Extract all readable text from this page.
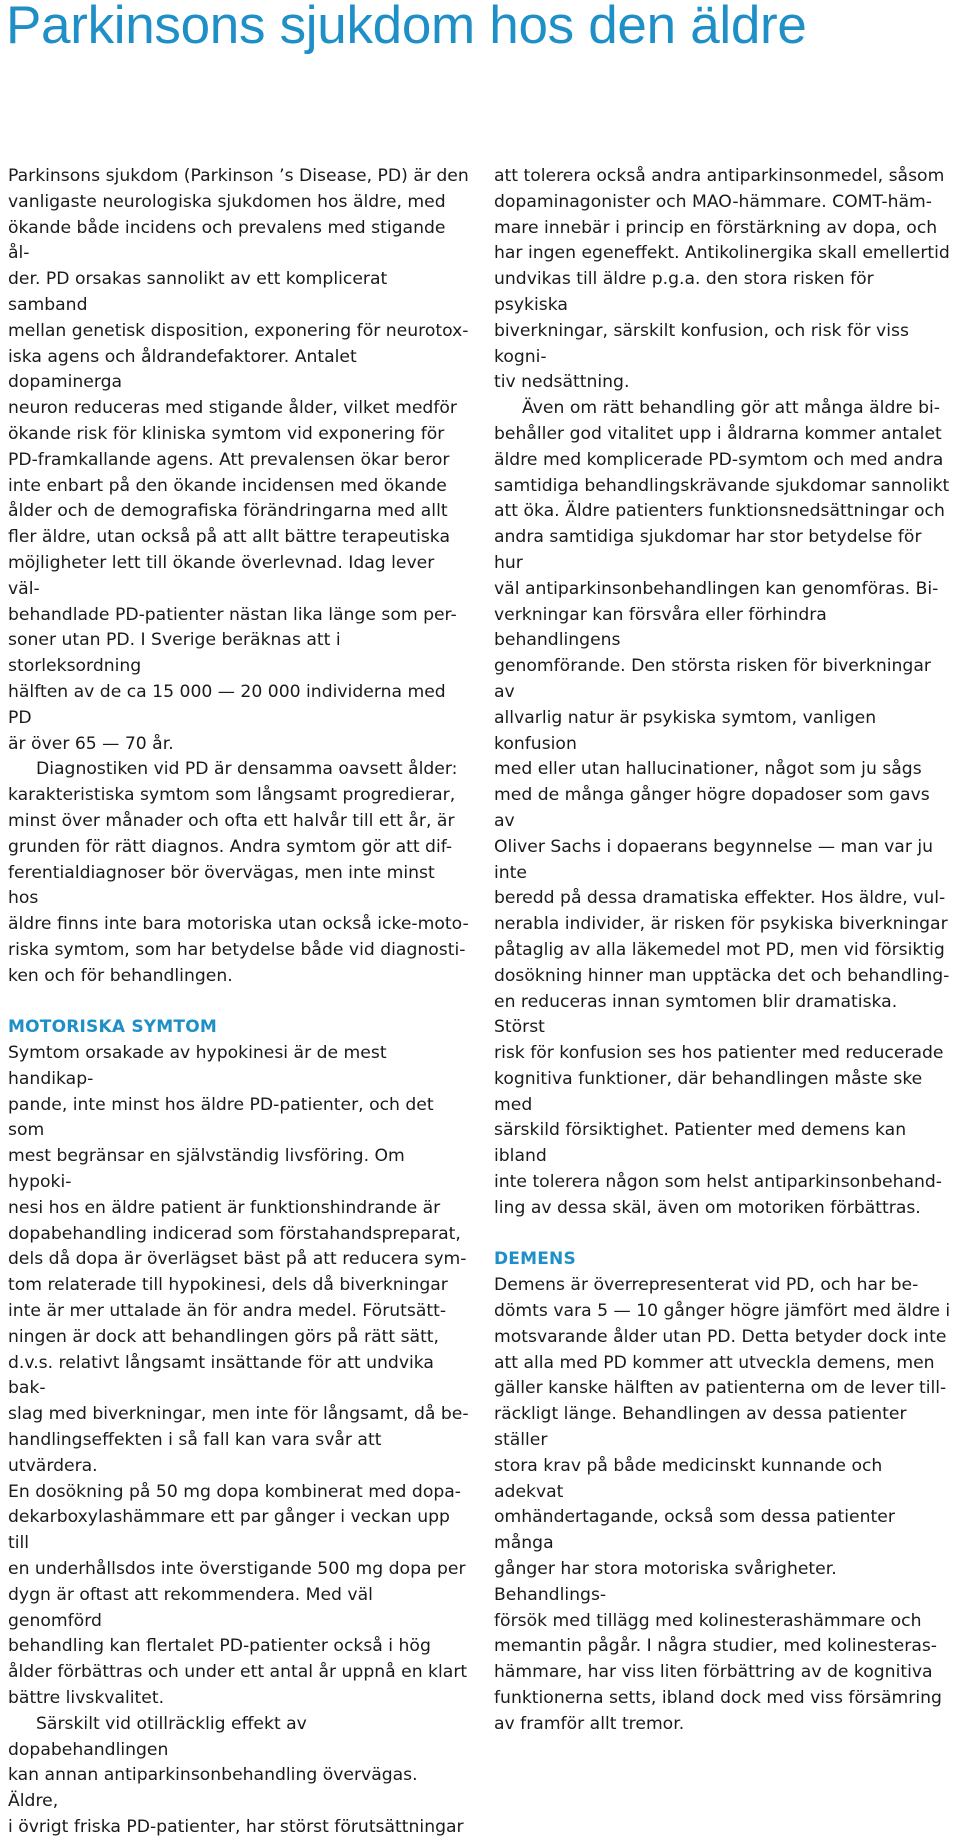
Parkinsons sjukdom hos den äldre

Parkinsons sjukdom (Parkinson ’s Disease, PD) är den
vanligaste neurologiska sjukdomen hos äldre, med
ökande både incidens och prevalens med stigande ål-
der. PD orsakas sannolikt av ett komplicerat samband
mellan genetisk disposition, exponering för neurotox-
iska agens och åldrandefaktorer. Antalet dopaminerga
neuron reduceras med stigande ålder, vilket medför
ökande risk för kliniska symtom vid exponering för
PD-framkallande agens. Att prevalensen ökar beror
inte enbart på den ökande incidensen med ökande
ålder och de demografiska förändringarna med allt
fler äldre, utan också på att allt bättre terapeutiska
möjligheter lett till ökande överlevnad. Idag lever väl-
behandlade PD-patienter nästan lika länge som per-
soner utan PD. I Sverige beräknas att i storleksordning
hälften av de ca 15 000 — 20 000 individerna med PD
är över 65 — 70 år.

Diagnostiken vid PD är densamma oavsett ålder:
karakteristiska symtom som långsamt progredierar,
minst över månader och ofta ett halvår till ett år, är
grunden för rätt diagnos. Andra symtom gör att dif-
ferentialdiagnoser bör övervägas, men inte minst hos
äldre finns inte bara motoriska utan också icke-moto-
riska symtom, som har betydelse både vid diagnosti-
ken och för behandlingen.

MOTORISKA SYMTOM

Symtom orsakade av hypokinesi är de mest handikap-
pande, inte minst hos äldre PD-patienter, och det som
mest begränsar en självständig livsföring. Om hypoki-
nesi hos en äldre patient är funktionshindrande är
dopabehandling indicerad som förstahandspreparat,
dels då dopa är överlägset bäst på att reducera sym-
tom relaterade till hypokinesi, dels då biverkningar
inte är mer uttalade än för andra medel. Förutsätt-
ningen är dock att behandlingen görs på rätt sätt,
d.v.s. relativt långsamt insättande för att undvika bak-
slag med biverkningar, men inte för långsamt, då be-
handlingseffekten i så fall kan vara svår att utvärdera.
En dosökning på 50 mg dopa kombinerat med dopa-
dekarboxylashämmare ett par gånger i veckan upp till
en underhållsdos inte överstigande 500 mg dopa per
dygn är oftast att rekommendera. Med väl genomförd
behandling kan flertalet PD-patienter också i hög
ålder förbättras och under ett antal år uppnå en klart
bättre livskvalitet.

Särskilt vid otillräcklig effekt av dopabehandlingen
kan annan antiparkinsonbehandling övervägas. Äldre,
i övrigt friska PD-patienter, har störst förutsättningar

att tolerera också andra antiparkinsonmedel, såsom
dopaminagonister och MAO-hämmare. COMT-häm-
mare innebär i princip en förstärkning av dopa, och
har ingen egeneffekt. Antikolinergika skall emellertid
undvikas till äldre p.g.a. den stora risken för psykiska
biverkningar, särskilt konfusion, och risk för viss kogni-
tiv nedsättning.

Även om rätt behandling gör att många äldre bi-
behåller god vitalitet upp i åldrarna kommer antalet
äldre med komplicerade PD-symtom och med andra
samtidiga behandlingskrävande sjukdomar sannolikt
att öka. Äldre patienters funktionsnedsättningar och
andra samtidiga sjukdomar har stor betydelse för hur
väl antiparkinsonbehandlingen kan genomföras. Bi-
verkningar kan försvåra eller förhindra behandlingens
genomförande. Den största risken för biverkningar av
allvarlig natur är psykiska symtom, vanligen konfusion
med eller utan hallucinationer, något som ju sågs
med de många gånger högre dopadoser som gavs av
Oliver Sachs i dopaerans begynnelse — man var ju inte
beredd på dessa dramatiska effekter. Hos äldre, vul-
nerabla individer, är risken för psykiska biverkningar
påtaglig av alla läkemedel mot PD, men vid försiktig
dosökning hinner man upptäcka det och behandling-
en reduceras innan symtomen blir dramatiska. Störst
risk för konfusion ses hos patienter med reducerade
kognitiva funktioner, där behandlingen måste ske med
särskild försiktighet. Patienter med demens kan ibland
inte tolerera någon som helst antiparkinsonbehand-
ling av dessa skäl, även om motoriken förbättras.

DEMENS

Demens är överrepresenterat vid PD, och har be-
dömts vara 5 — 10 gånger högre jämfört med äldre i
motsvarande ålder utan PD. Detta betyder dock inte
att alla med PD kommer att utveckla demens, men
gäller kanske hälften av patienterna om de lever till-
räckligt länge. Behandlingen av dessa patienter ställer
stora krav på både medicinskt kunnande och adekvat
omhändertagande, också som dessa patienter många
gånger har stora motoriska svårigheter. Behandlings-
försök med tillägg med kolinesterashämmare och
memantin pågår. I några studier, med kolinesteras-
hämmare, har viss liten förbättring av de kognitiva
funktionerna setts, ibland dock med viss försämring
av framför allt tremor.
